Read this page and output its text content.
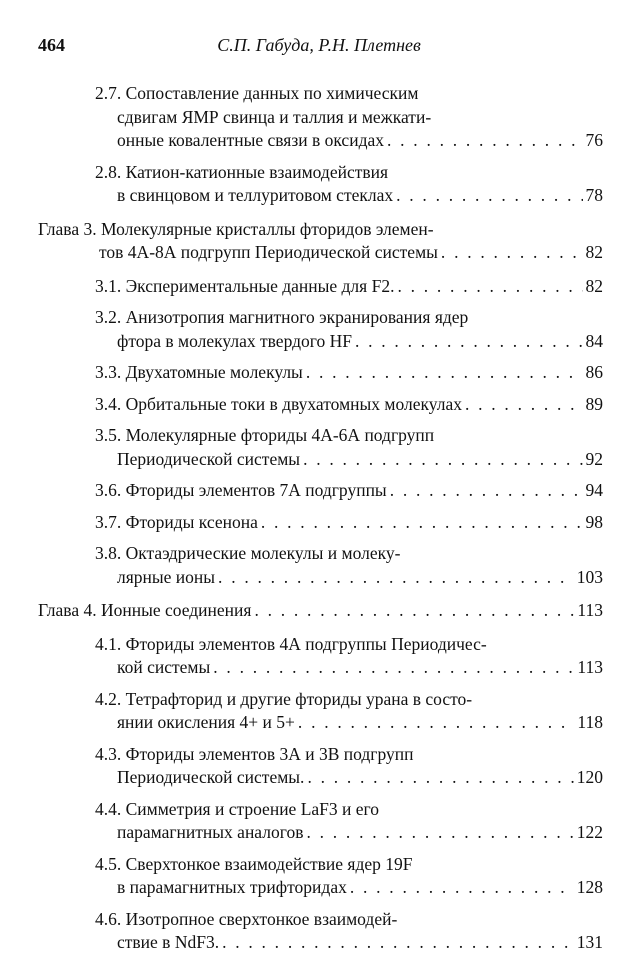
464	С.П. Габуда, Р.Н. Плетнев
2.7. Сопоставление данных по химическим
сдвигам ЯМР свинца и таллия и межкати-
онные ковалентные связи в оксидах . . .	76
2.8. Катион-катионные взаимодействия
в свинцовом и теллуритовом стеклах . . .	78
Глава 3. Молекулярные кристаллы фторидов элемен-
тов 4А-8А подгрупп Периодической системы . . .	82
3.1. Экспериментальные данные для F2. . . .	82
3.2. Анизотропия магнитного экранирования ядер
фтора в молекулах твердого HF . . .	84
3.3. Двухатомные молекулы . . .	86
3.4. Орбитальные токи в двухатомных молекулах . . .	89
3.5. Молекулярные фториды 4А-6А подгрупп
Периодической системы . . .	92
3.6. Фториды элементов 7А подгруппы . . .	94
3.7. Фториды ксенона . . .	98
3.8. Октаэдрические молекулы и молеку-
лярные ионы . . .	103
Глава 4. Ионные соединения . . .	113
4.1. Фториды элементов 4А подгруппы Периодичес-
кой системы . . .	113
4.2. Тетрафторид и другие фториды урана в состо-
янии окисления 4+ и 5+ . . .	118
4.3. Фториды элементов 3А и 3В подгрупп
Периодической системы. . . .	120
4.4. Симметрия и строение LaF3 и его
парамагнитных аналогов . . .	122
4.5. Сверхтонкое взаимодействие ядер 19F
в парамагнитных трифторидах . . .	128
4.6. Изотропное сверхтонкое взаимодей-
ствие в NdF3. . . .	131
